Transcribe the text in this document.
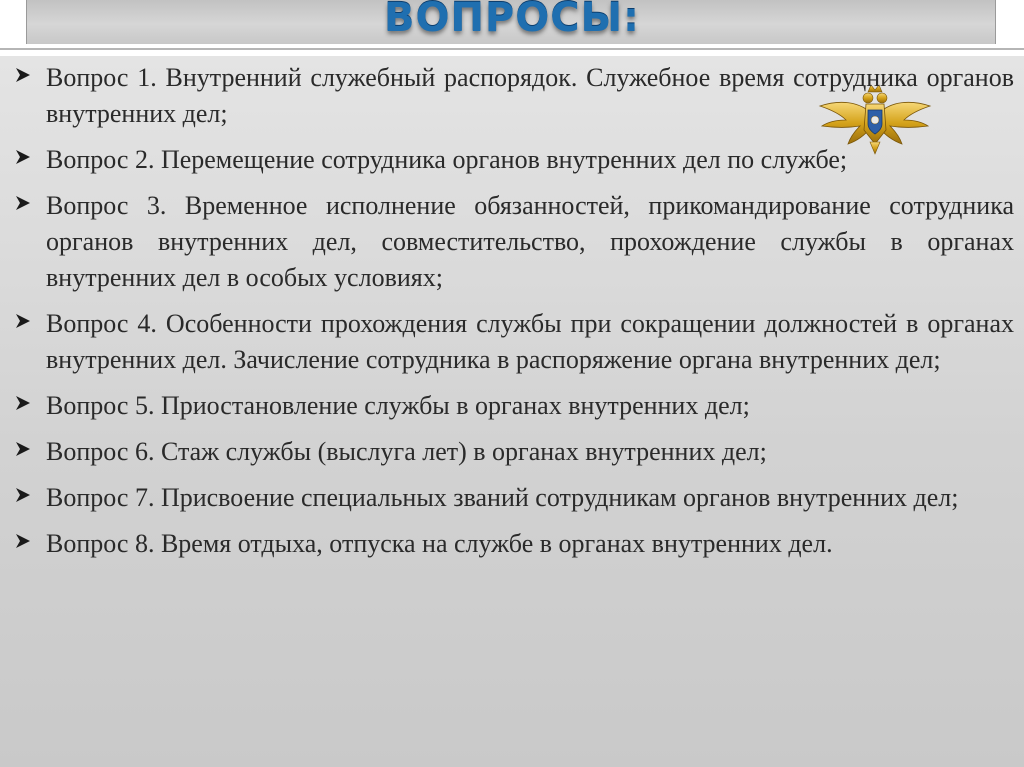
ВОПРОСЫ:
Вопрос 1. Внутренний служебный распорядок. Служебное время сотрудника органов внутренних дел;
Вопрос 2. Перемещение сотрудника органов внутренних дел по службе;
Вопрос 3. Временное исполнение обязанностей, прикомандирование сотрудника органов внутренних дел, совместительство, прохождение службы в органах внутренних дел в особых условиях;
Вопрос 4. Особенности прохождения службы при сокращении должностей в органах внутренних дел. Зачисление сотрудника в распоряжение органа внутренних дел;
Вопрос 5. Приостановление службы в органах внутренних дел;
Вопрос 6. Стаж службы (выслуга лет) в органах внутренних дел;
Вопрос 7. Присвоение специальных званий сотрудникам органов внутренних дел;
Вопрос 8. Время отдыха, отпуска на службе в органах внутренних дел.
